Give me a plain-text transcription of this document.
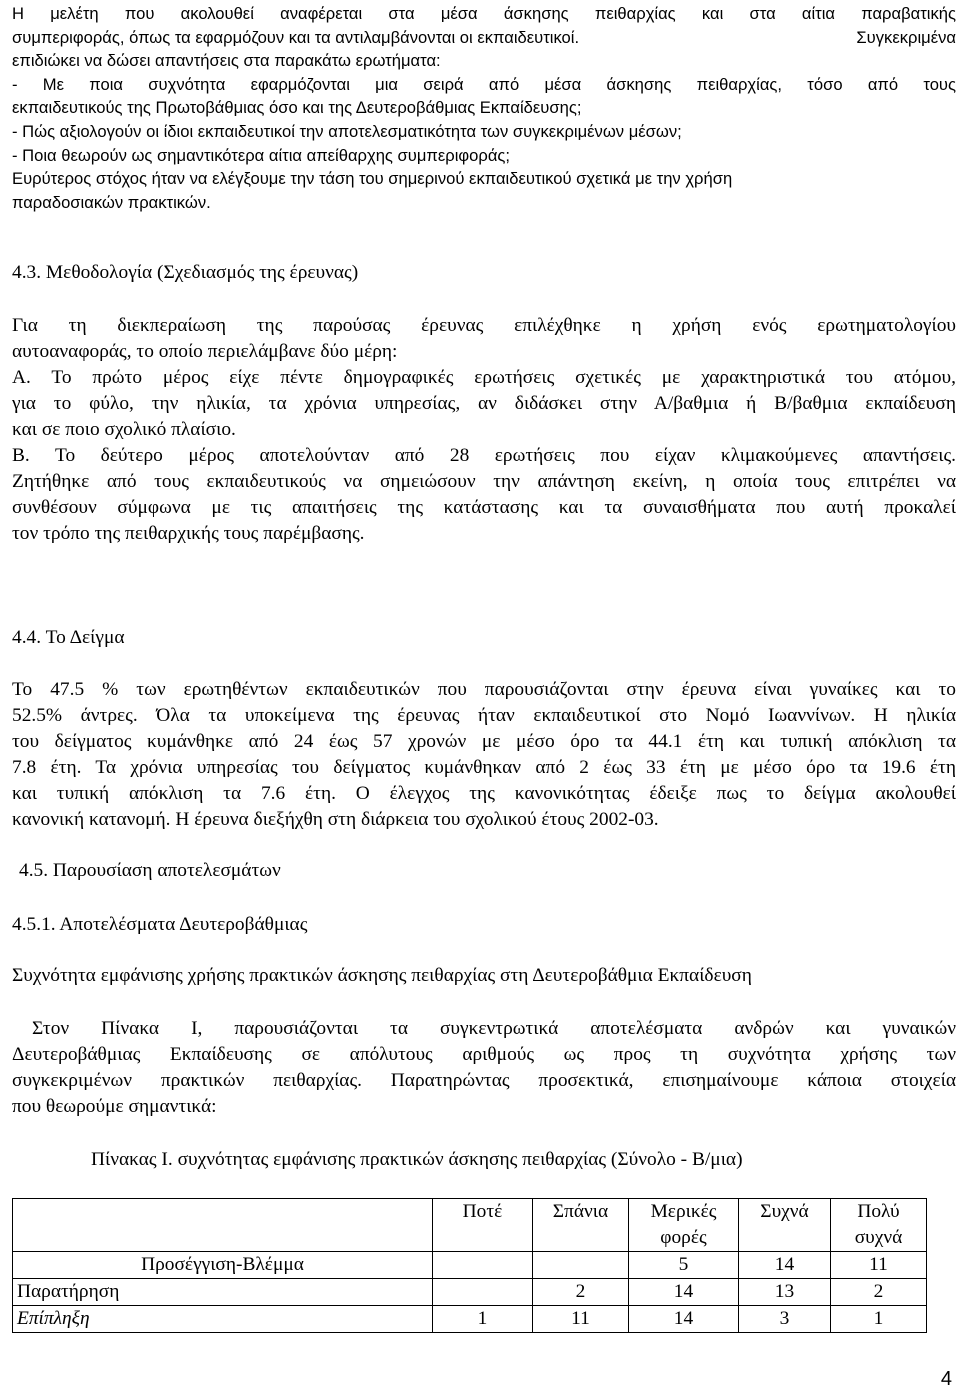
Η μελέτη που ακολουθεί αναφέρεται στα μέσα άσκησης πειθαρχίας και στα αίτια παραβατικής
συμπεριφοράς, όπως τα εφαρμόζουν και τα αντιλαμβάνονται οι εκπαιδευτικοί.	Συγκεκριμένα
επιδιώκει να δώσει απαντήσεις στα παρακάτω ερωτήματα:
- Με ποια συχνότητα εφαρμόζονται μια σειρά από μέσα άσκησης πειθαρχίας, τόσο από τους
εκπαιδευτικούς της Πρωτοβάθμιας όσο και της Δευτεροβάθμιας Εκπαίδευσης;
- Πώς αξιολογούν οι ίδιοι εκπαιδευτικοί την αποτελεσματικότητα των συγκεκριμένων μέσων;
- Ποια θεωρούν ως σημαντικότερα αίτια απείθαρχης συμπεριφοράς;
Ευρύτερος στόχος ήταν να ελέγξουμε την τάση του σημερινού εκπαιδευτικού σχετικά με την χρήση
παραδοσιακών πρακτικών.
4.3. Μεθοδολογία (Σχεδιασμός της έρευνας)
Για τη διεκπεραίωση της παρούσας έρευνας επιλέχθηκε η χρήση ενός ερωτηματολογίου
αυτοαναφοράς, το οποίο περιελάμβανε δύο μέρη:
Α. Το πρώτο μέρος είχε πέντε δημογραφικές ερωτήσεις σχετικές με χαρακτηριστικά του ατόμου,
για το φύλο, την ηλικία, τα χρόνια υπηρεσίας, αν διδάσκει στην Α/βαθμια ή Β/βαθμια εκπαίδευση
και σε ποιο σχολικό πλαίσιο.
Β. Το δεύτερο μέρος αποτελούνταν από 28 ερωτήσεις που είχαν κλιμακούμενες απαντήσεις.
Ζητήθηκε από τους εκπαιδευτικούς να σημειώσουν την απάντηση εκείνη, η οποία τους επιτρέπει να
συνθέσουν σύμφωνα με τις απαιτήσεις της κατάστασης και τα συναισθήματα που αυτή προκαλεί
τον τρόπο της πειθαρχικής τους παρέμβασης.
4.4. Το Δείγμα
Το 47.5 % των ερωτηθέντων εκπαιδευτικών που παρουσιάζονται στην έρευνα είναι γυναίκες και το
52.5% άντρες. Όλα τα υποκείμενα της έρευνας ήταν εκπαιδευτικοί στο Νομό Ιωαννίνων. Η ηλικία
του δείγματος κυμάνθηκε από 24 έως 57 χρονών με μέσο όρο τα 44.1 έτη και τυπική απόκλιση τα
7.8 έτη. Τα χρόνια υπηρεσίας του δείγματος κυμάνθηκαν από 2 έως 33 έτη με μέσο όρο τα 19.6 έτη
και τυπική απόκλιση τα 7.6 έτη. Ο έλεγχος της κανονικότητας έδειξε πως το δείγμα ακολουθεί
κανονική κατανομή. Η έρευνα διεξήχθη στη διάρκεια του σχολικού έτους 2002-03.
4.5. Παρουσίαση αποτελεσμάτων
4.5.1. Αποτελέσματα Δευτεροβάθμιας
Συχνότητα εμφάνισης χρήσης πρακτικών άσκησης πειθαρχίας στη Δευτεροβάθμια Εκπαίδευση
Στον Πίνακα Ι, παρουσιάζονται τα συγκεντρωτικά αποτελέσματα ανδρών και γυναικών
Δευτεροβάθμιας Εκπαίδευσης σε απόλυτους αριθμούς ως προς τη συχνότητα χρήσης των
συγκεκριμένων πρακτικών πειθαρχίας. Παρατηρώντας προσεκτικά, επισημαίνουμε κάποια στοιχεία
που θεωρούμε σημαντικά:
Πίνακας Ι. συχνότητας εμφάνισης πρακτικών άσκησης πειθαρχίας (Σύνολο - Β/μια)
	Ποτέ	Σπάνια	Μερικές
φορές	Συχνά	Πολύ
συχνά
Προσέγγιση-Βλέμμα			5	14	11
Παρατήρηση		2	14	13	2
Επίπληξη	1	11	14	3	1
4
